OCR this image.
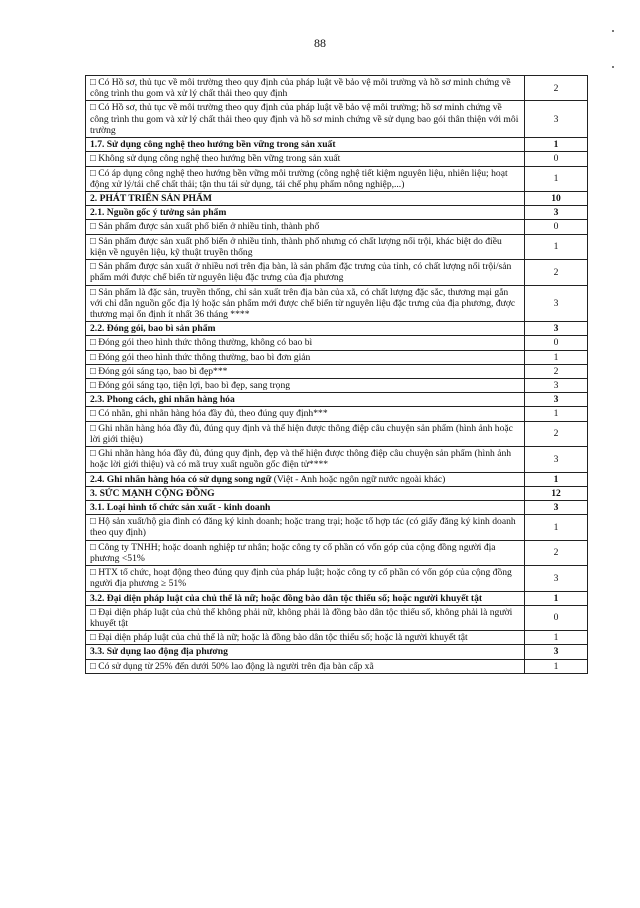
88
□ Có Hồ sơ, thủ tục về môi trường theo quy định của pháp luật về bảo vệ môi trường và hồ sơ minh chứng về công trình thu gom và xử lý chất thải theo quy định	2
□ Có Hồ sơ, thủ tục về môi trường theo quy định của pháp luật về bảo vệ môi trường; hồ sơ minh chứng về công trình thu gom và xử lý chất thải theo quy định và hồ sơ minh chứng về sử dụng bao gói thân thiện với môi trường	3
1.7. Sử dụng công nghệ theo hướng bền vững trong sản xuất	1
□ Không sử dụng công nghệ theo hướng bền vững trong sản xuất	0
□ Có áp dụng công nghệ theo hướng bền vững môi trường (công nghệ tiết kiệm nguyên liệu, nhiên liệu; hoạt động xử lý/tái chế chất thải; tận thu tái sử dụng, tái chế phụ phẩm nông nghiệp,...)	1
2. PHÁT TRIỂN SẢN PHẨM	10
2.1. Nguồn gốc ý tưởng sản phẩm	3
□ Sản phẩm được sản xuất phổ biến ở nhiều tỉnh, thành phố	0
□ Sản phẩm được sản xuất phổ biến ở nhiều tỉnh, thành phố nhưng có chất lượng nổi trội, khác biệt do điều kiện về nguyên liệu, kỹ thuật truyền thống	1
□ Sản phẩm được sản xuất ở nhiều nơi trên địa bàn, là sản phẩm đặc trưng của tỉnh, có chất lượng nổi trội/sản phẩm mới được chế biến từ nguyên liệu đặc trưng của địa phương	2
□ Sản phẩm là đặc sản, truyền thống, chỉ sản xuất trên địa bàn của xã, có chất lượng đặc sắc, thương mại gắn với chỉ dẫn nguồn gốc địa lý hoặc sản phẩm mới được chế biến từ nguyên liệu đặc trưng của địa phương, được thương mại ổn định ít nhất 36 tháng ****	3
2.2. Đóng gói, bao bì sản phẩm	3
□ Đóng gói theo hình thức thông thường, không có bao bì	0
□ Đóng gói theo hình thức thông thường, bao bì đơn giản	1
□ Đóng gói sáng tạo, bao bì đẹp***	2
□ Đóng gói sáng tạo, tiện lợi, bao bì đẹp, sang trọng	3
2.3. Phong cách, ghi nhãn hàng hóa	3
□ Có nhãn, ghi nhãn hàng hóa đầy đủ, theo đúng quy định***	1
□ Ghi nhãn hàng hóa đầy đủ, đúng quy định và thể hiện được thông điệp câu chuyện sản phẩm (hình ảnh hoặc lời giới thiệu)	2
□ Ghi nhãn hàng hóa đầy đủ, đúng quy định, đẹp và thể hiện được thông điệp câu chuyện sản phẩm (hình ảnh hoặc lời giới thiệu) và có mã truy xuất nguồn gốc điện tử****	3
2.4. Ghi nhãn hàng hóa có sử dụng song ngữ (Việt - Anh hoặc ngôn ngữ nước ngoài khác)	1
3. SỨC MẠNH CỘNG ĐỒNG	12
3.1. Loại hình tổ chức sản xuất - kinh doanh	3
□ Hộ sản xuất/hộ gia đình có đăng ký kinh doanh; hoặc trang trại; hoặc tổ hợp tác (có giấy đăng ký kinh doanh theo quy định)	1
□ Công ty TNHH; hoặc doanh nghiệp tư nhân; hoặc công ty cổ phần có vốn góp của cộng đồng người địa phương <51%	2
□ HTX tổ chức, hoạt động theo đúng quy định của pháp luật; hoặc công ty cổ phần có vốn góp của cộng đồng người địa phương ≥ 51%	3
3.2. Đại diện pháp luật của chủ thể là nữ; hoặc đồng bào dân tộc thiểu số; hoặc người khuyết tật	1
□ Đại diện pháp luật của chủ thể không phải nữ, không phải là đồng bào dân tộc thiểu số, không phải là người khuyết tật	0
□ Đại diện pháp luật của chủ thể là nữ; hoặc là đồng bào dân tộc thiểu số; hoặc là người khuyết tật	1
3.3. Sử dụng lao động địa phương	3
□ Có sử dụng từ 25% đến dưới 50% lao động là người trên địa bàn cấp xã	1
